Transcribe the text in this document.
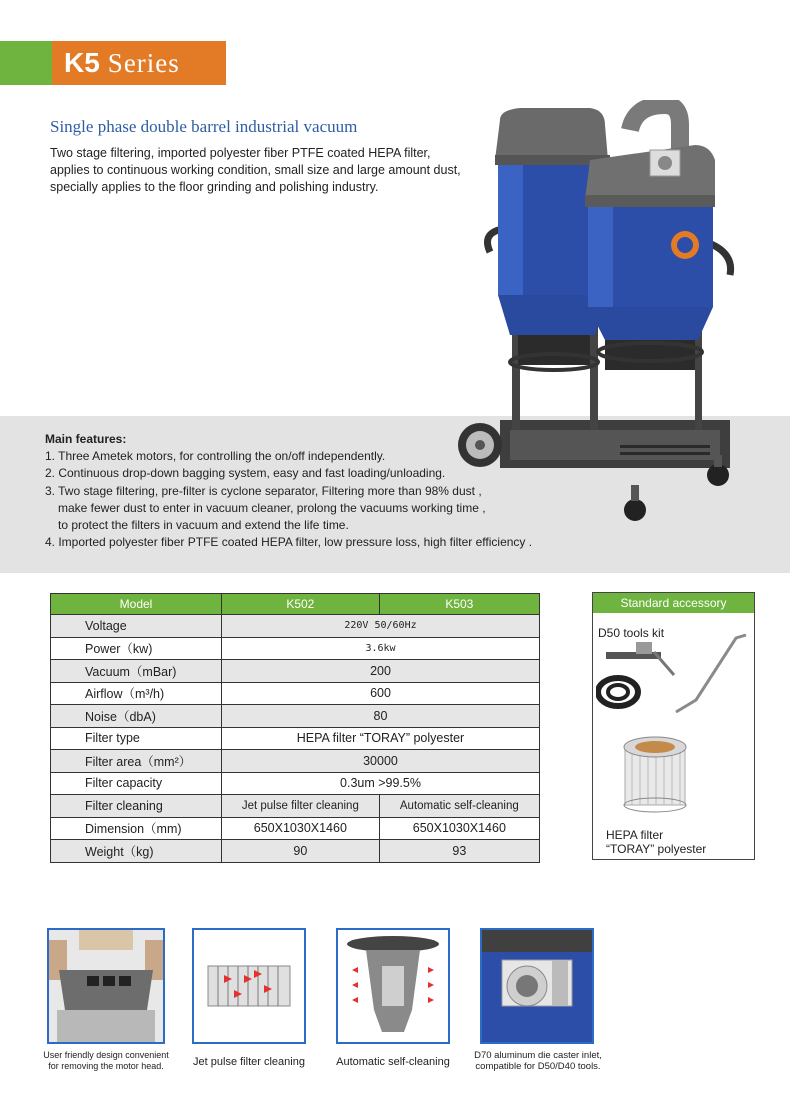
K5 Series
Single phase double barrel industrial vacuum
Two stage filtering, imported polyester fiber PTFE coated HEPA filter,
applies to continuous working condition, small size and large amount dust,
specially applies to the floor grinding and polishing industry.
Main features:
1. Three Ametek motors, for controlling the on/off independently.
2. Continuous drop-down bagging system, easy and fast loading/unloading.
3. Two stage filtering, pre-filter is cyclone separator, Filtering more than 98% dust ,
make fewer dust to enter in vacuum cleaner, prolong the vacuums working time ,
to protect the filters in vacuum and extend the life time.
4. Imported polyester fiber PTFE coated HEPA filter, low pressure loss, high filter efficiency .
Model	K502	K503
Voltage	220V 50/60Hz	
Power（kw)	3.6kw	
Vacuum（mBar)	200	
Airflow（m³/h)	600	
Noise（dbA)	80	
Filter type	HEPA filter “TORAY” polyester	
Filter area（mm²）	30000	
Filter capacity	0.3um >99.5%	
Filter cleaning	Jet pulse filter cleaning	Automatic self-cleaning
Dimension（mm)	650X1030X1460	650X1030X1460
Weight（kg)	90	93
Standard accessory
D50 tools kit
HEPA filter
“TORAY” polyester
User friendly design convenient
for removing the motor head.	Jet pulse filter cleaning	Automatic self-cleaning
D70 aluminum die caster inlet,
compatible for D50/D40 tools.
